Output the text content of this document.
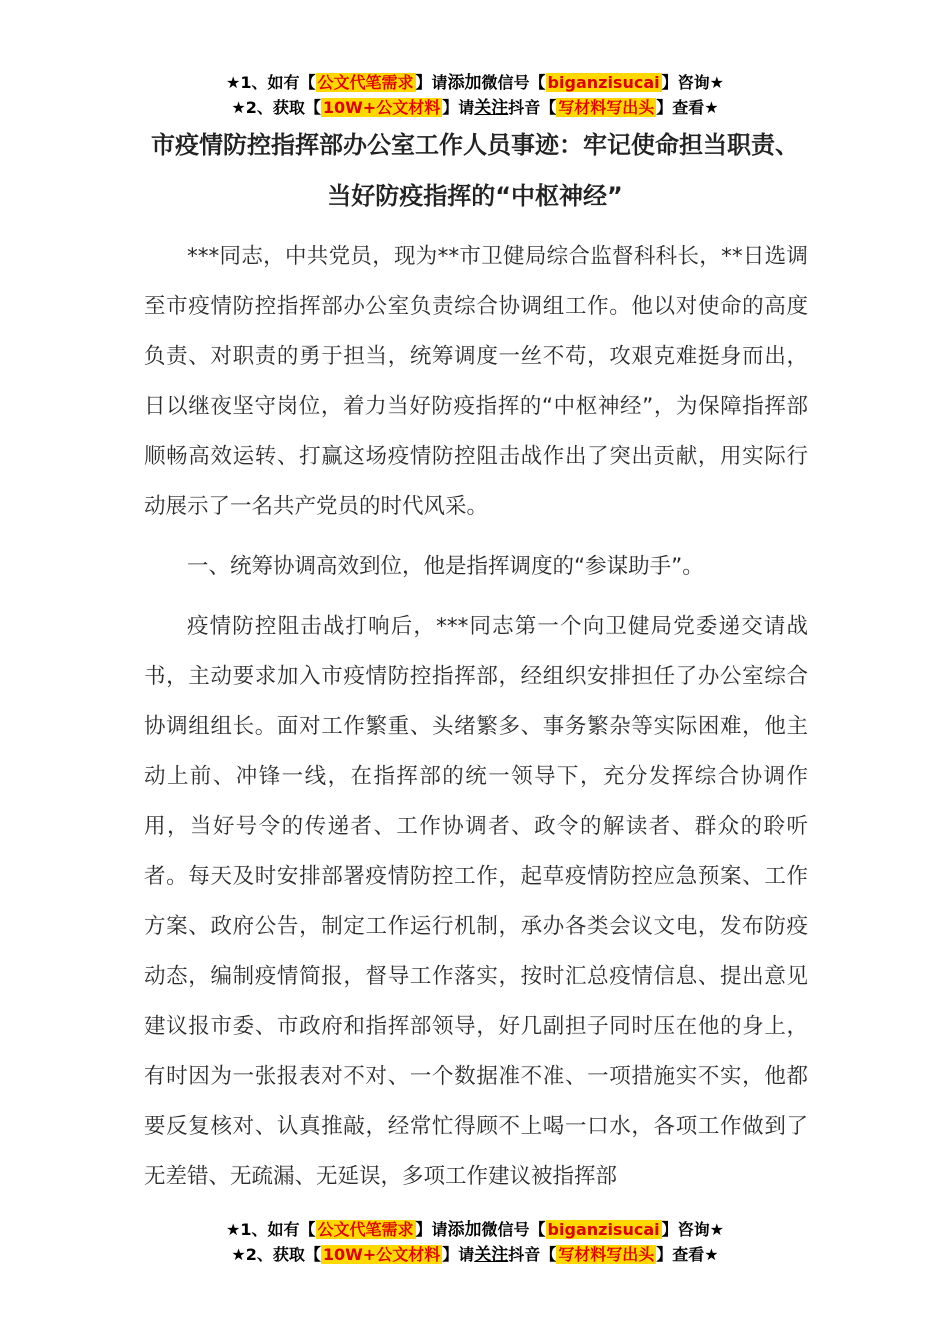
★1、如有【 公文代笔需求 】请添加微信号【 biganzisucai 】咨询★
★2、获取【 10W+公文材料 】请关注抖音【 写材料写出头 】查看★
市疫情防控指挥部办公室工作人员事迹：牢记使命担当职责、当好防疫指挥的“中枢神经”

***同志，中共党员，现为**市卫健局综合监督科科长，**日选调至市疫情防控指挥部办公室负责综合协调组工作。他以对使命的高度负责、对职责的勇于担当，统筹调度一丝不苟，攻艰克难挺身而出，日以继夜坚守岗位，着力当好防疫指挥的“中枢神经”，为保障指挥部顺畅高效运转、打赢这场疫情防控阻击战作出了突出贡献，用实际行动展示了一名共产党员的时代风采。

一、统筹协调高效到位，他是指挥调度的“参谋助手”。

疫情防控阻击战打响后，***同志第一个向卫健局党委递交请战书，主动要求加入市疫情防控指挥部，经组织安排担任了办公室综合协调组组长。面对工作繁重、头绪繁多、事务繁杂等实际困难，他主动上前、冲锋一线，在指挥部的统一领导下，充分发挥综合协调作用，当好号令的传递者、工作协调者、政令的解读者、群众的聆听者。每天及时安排部署疫情防控工作，起草疫情防控应急预案、工作方案、政府公告，制定工作运行机制，承办各类会议文电，发布防疫动态，编制疫情简报，督导工作落实，按时汇总疫情信息、提出意见建议报市委、市政府和指挥部领导，好几副担子同时压在他的身上，有时因为一张报表对不对、一个数据准不准、一项措施实不实，他都要反复核对、认真推敲，经常忙得顾不上喝一口水，各项工作做到了无差错、无疏漏、无延误，多项工作建议被指挥部

★1、如有【 公文代笔需求 】请添加微信号【 biganzisucai 】咨询★
★2、获取【 10W+公文材料 】请关注抖音【 写材料写出头 】查看★
